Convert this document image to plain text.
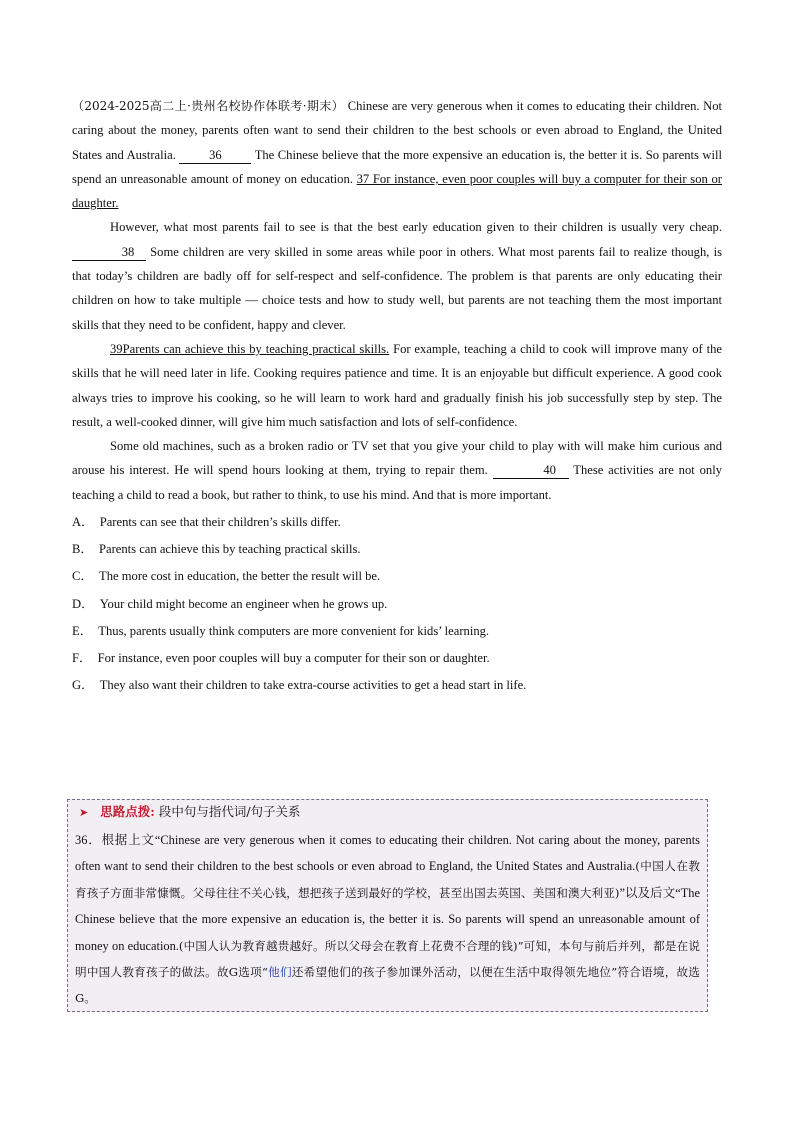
（2024-2025高二上·贵州名校协作体联考·期末） Chinese are very generous when it comes to educating their children. Not caring about the money, parents often want to send their children to the best schools or even abroad to England, the United States and Australia.	36	The Chinese believe that the more expensive an education is, the better it is. So parents will spend an unreasonable amount of money on education. 37 For instance, even poor couples will buy a computer for their son or daughter.

However, what most parents fail to see is that the best early education given to their children is usually very cheap. 38 Some children are very skilled in some areas while poor in others. What most parents fail to realize though, is that today’s children are badly off for self-respect and self-confidence. The problem is that parents are only educating their children on how to take multiple — choice tests and how to study well, but parents are not teaching them the most important skills that they need to be confident, happy and clever.

39Parents can achieve this by teaching practical skills. For example, teaching a child to cook will improve many of the skills that he will need later in life. Cooking requires patience and time. It is an enjoyable but difficult experience. A good cook always tries to improve his cooking, so he will learn to work hard and gradually finish his job successfully step by step. The result, a well-cooked dinner, will give him much satisfaction and lots of self-confidence.

Some old machines, such as a broken radio or TV set that you give your child to play with will make him curious and arouse his interest. He will spend hours looking at them, trying to repair them.	40 These activities are not only teaching a child to read a book, but rather to think, to use his mind. And that is more important.

A． Parents can see that their children’s skills differ.

B． Parents can achieve this by teaching practical skills.

C． The more cost in education, the better the result will be.

D． Your child might become an engineer when he grows up.

E． Thus, parents usually think computers are more convenient for kids’ learning.

F． For instance, even poor couples will buy a computer for their son or daughter.

G． They also want their children to take extra-course activities to get a head start in life.

➤ 思路点拨: 段中句与指代词/句子关系

36．根据上文“Chinese are very generous when it comes to educating their children. Not caring about the money, parents often want to send their children to the best schools or even abroad to England, the United States and Australia.(中国人在教育孩子方面非常慷慨。父母往往不关心钱，想把孩子送到最好的学校，甚至出国去英国、美国和澳大利亚)”以及后文“The Chinese believe that the more expensive an education is, the better it is. So parents will spend an unreasonable amount of money on education.(中国人认为教育越贵越好。所以父母会在教育上花费不合理的钱)”可知，本句与前后并列，都是在说明中国人教育孩子的做法。故G选项“他们还希望他们的孩子参加课外活动，以便在生活中取得领先地位”符合语境，故选G。
